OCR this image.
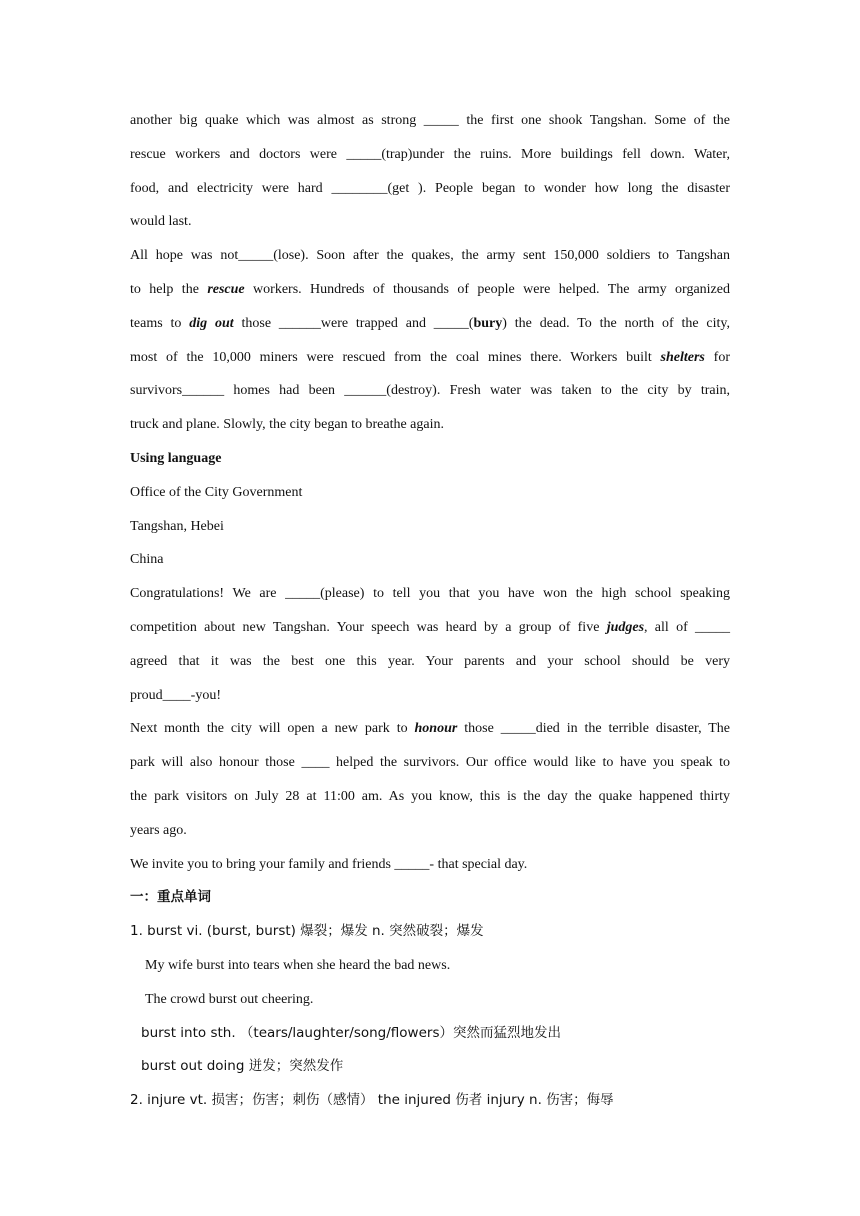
another big quake which was almost as strong _____ the first one shook Tangshan. Some of the
rescue workers and doctors were _____(trap)under the ruins. More buildings fell down. Water,
food, and electricity were hard ________(get ). People began to wonder how long the disaster
would last.
All hope was not_____(lose). Soon after the quakes, the army sent 150,000 soldiers to Tangshan
to help the rescue workers. Hundreds of thousands of people were helped. The army organized
teams to dig out those ______were trapped and _____(bury) the dead. To the north of the city,
most of the 10,000 miners were rescued from the coal mines there. Workers built shelters for
survivors______ homes had been ______(destroy). Fresh water was taken to the city by train,
truck and plane. Slowly, the city began to breathe again.
Using language
Office of the City Government
Tangshan, Hebei
China
Congratulations! We are _____(please) to tell you that you have won the high school speaking
competition about new Tangshan. Your speech was heard by a group of five judges, all of _____
agreed that it was the best one this year. Your parents and your school should be very
proud____-you!
Next month the city will open a new park to honour those _____died in the terrible disaster, The
park will also honour those ____ helped the survivors. Our office would like to have you speak to
the park visitors on July 28 at 11:00 am. As you know, this is the day the quake happened thirty
years ago.
We invite you to bring your family and friends _____- that special day.
一：重点单词
1. burst vi. (burst, burst) 爆裂；爆发 n. 突然破裂；爆发
My wife burst into tears when she heard the bad news.
The crowd burst out cheering.
burst into sth. （tears/laughter/song/flowers）突然而猛烈地发出
burst out doing 迸发；突然发作
2. injure vt. 损害；伤害；刺伤（感情） the injured 伤者 injury n. 伤害；侮辱
